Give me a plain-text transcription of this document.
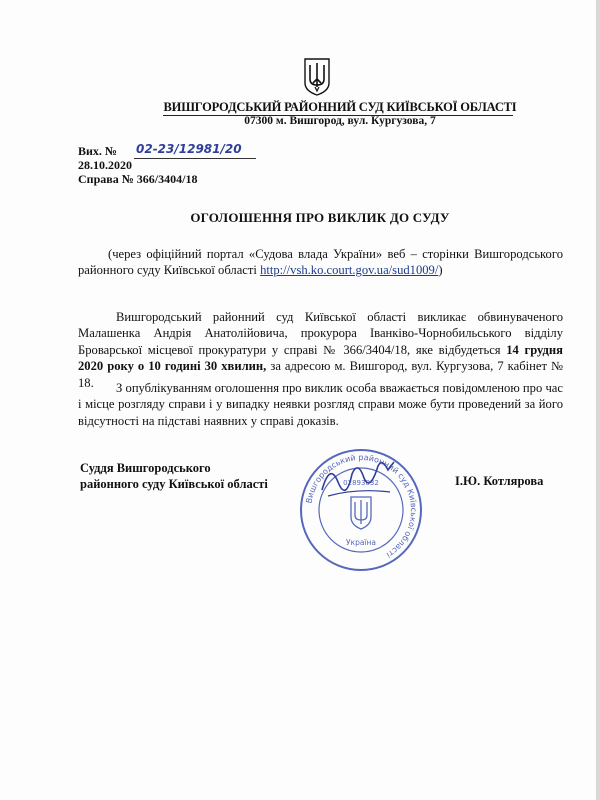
ВИШГОРОДСЬКИЙ РАЙОННИЙ СУД КИЇВСЬКОЇ ОБЛАСТІ
07300 м. Вишгород, вул. Кургузова, 7
Вих. № 02-23/12981/20
28.10.2020
Справа № 366/3404/18
ОГОЛОШЕННЯ ПРО ВИКЛИК ДО СУДУ
(через офіційний портал «Судова влада України» веб – сторінки Вишгородського районного суду Київської області http://vsh.ko.court.gov.ua/sud1009/)
Вишгородський районний суд Київської області викликає обвинуваченого Малашенка Андрія Анатолійовича, прокурора Іванківо-Чорнобильського відділу Броварської місцевої прокуратури у справі № 366/3404/18, яке відбудеться 14 грудня 2020 року о 10 годині 30 хвилин, за адресою м. Вишгород, вул. Кургузова, 7 кабінет № 18.	З опублікуванням оголошення про виклик особа вважається повідомленою про час і місце розгляду справи і у випадку неявки розгляд справи може бути проведений за його відсутності на підставі наявних у справі доказів.
Суддя Вишгородського
районного суду Київської області
Вишгородський районний суд Київської області
02893032
Україна
І.Ю. Котлярова
